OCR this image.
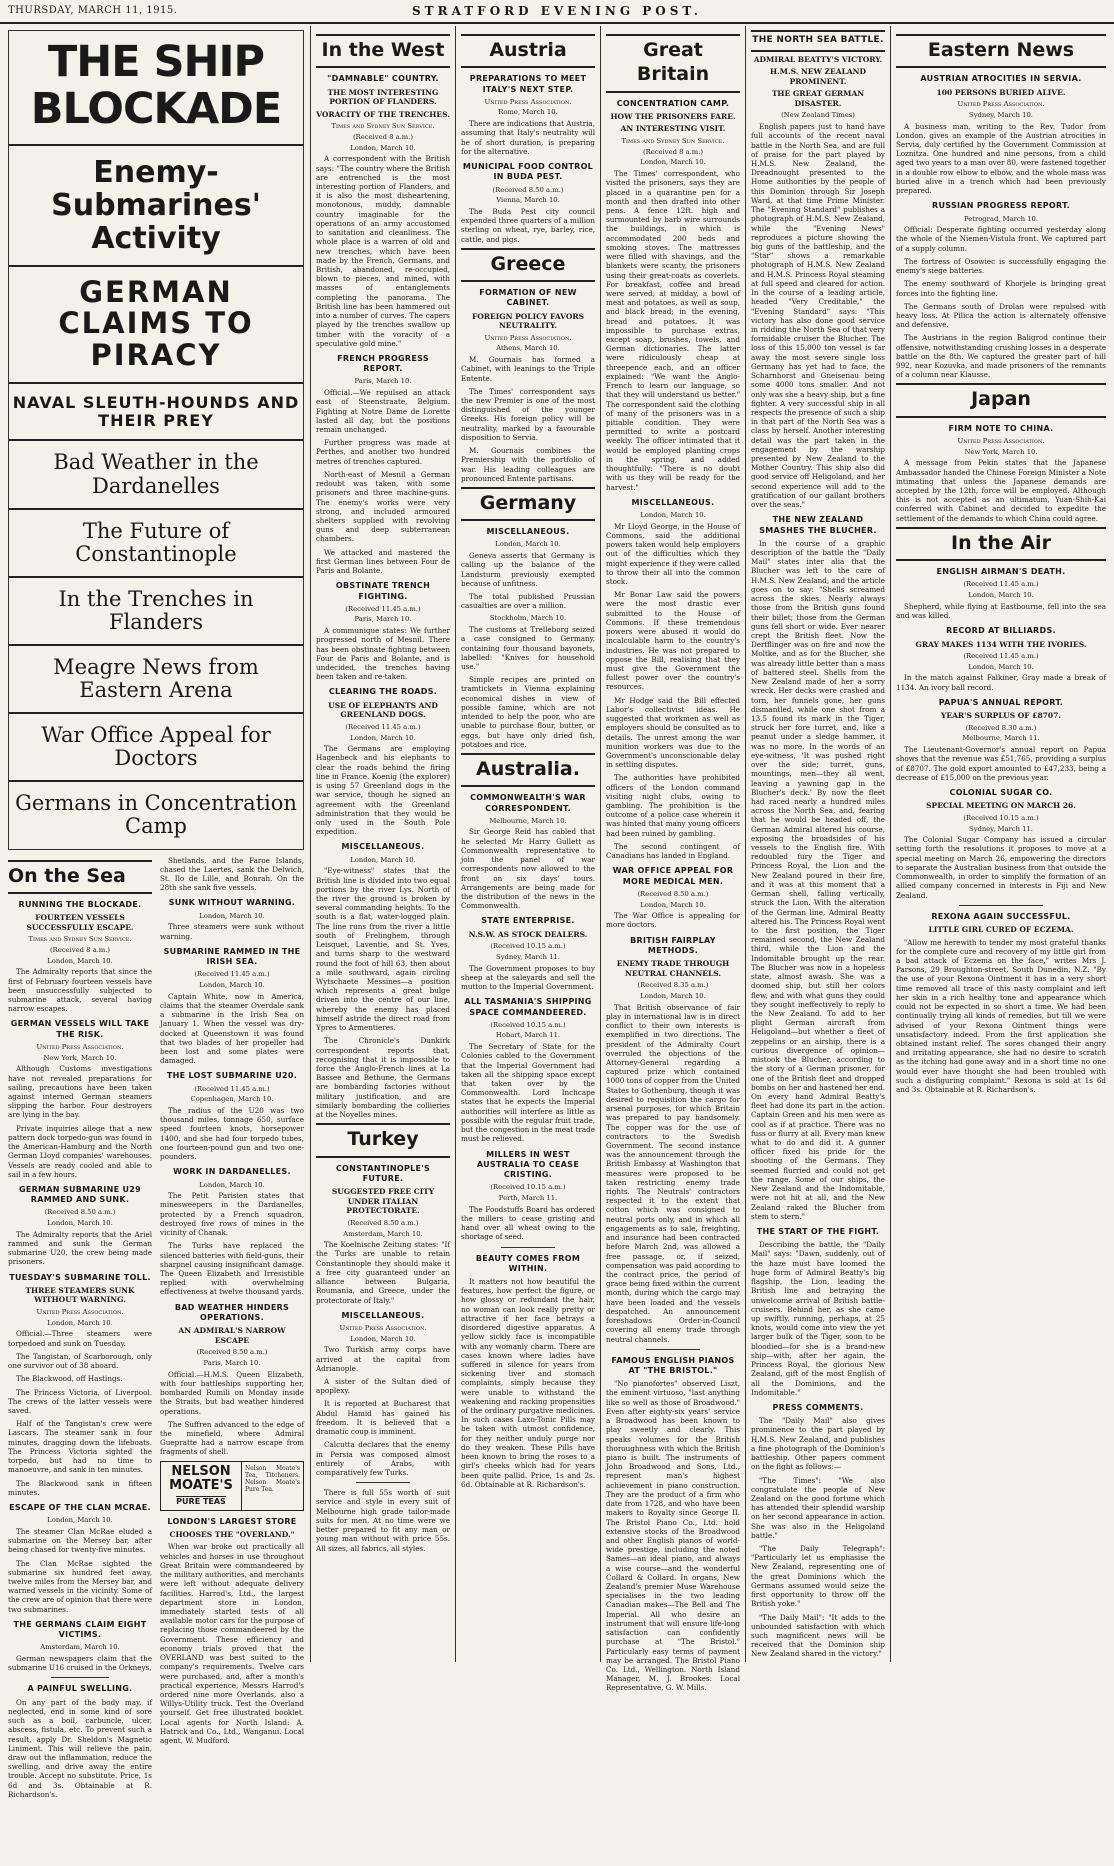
THURSDAY, MARCH 11, 1915.	STRATFORD EVENING POST.
THE SHIP BLOCKADE
Enemy-Submarines' Activity
GERMAN CLAIMS TO PIRACY
NAVAL SLEUTH-HOUNDS AND THEIR PREY
Bad Weather in the Dardanelles
The Future of Constantinople
In the Trenches in Flanders
Meagre News from Eastern Arena
War Office Appeal for Doctors
Germans in Concentration Camp
On the Sea
RUNNING THE BLOCKADE.
FOURTEEN VESSELS SUCCESSFULLY ESCAPE.
Times and Sydney Sun Service.
(Received 8 a.m.)
London, March 10.

The Admiralty reports that since the first of February fourteen vessels have been unsuccessfully subjected to submarine attack, several having narrow escapes.

GERMAN VESSELS WILL TAKE THE RISK.
United Press Association.
New York, March 10.

Although Customs investigations have not revealed preparations for sailing, precautions have been taken against interned German steamers slipping the harbor. Four destroyers are lying in the bay.

Private inquiries allege that a new pattern dock torpedo-gun was found in the American-Hamburg and the North German Lloyd companies' warehouses. Vessels are ready cooled and able to sail in a few hours.

GERMAN SUBMARINE U29 RAMMED AND SUNK.
(Received 8.50 a.m.)
London, March 10.

The Admiralty reports that the Ariel rammed and sunk the German submarine U20, the crew being made prisoners.

TUESDAY'S SUBMARINE TOLL.
THREE STEAMERS SUNK WITHOUT WARNING.
United Press Association.
London, March 10.

Official.—Three steamers were torpedoed and sunk on Tuesday.

The Tangistan, of Scarborough, only one survivor out of 38 aboard.

The Blackwood, off Hastings.

The Princess Victoria, of Liverpool. The crews of the latter vessels were saved.

Half of the Tangistan's crew were Lascars. The steamer sank in four minutes, dragging down the lifeboats. The Princess Victoria sighted the torpedo, but had no time to manoeuvre, and sank in ten minutes.

The Blackwood sank in fifteen minutes.

ESCAPE OF THE CLAN MCRAE.
London, March 10.

The steamer Clan McRae eluded a submarine on the Mersey bar, after being chased for twenty-five minutes.

The Clan McRae sighted the submarine six hundred feet away, twelve miles from the Mersey bar, and warned vessels in the vicinity. Some of the crew are of opinion that there were two submarines.

THE GERMANS CLAIM EIGHT VICTIMS.
Amsterdam, March 10.

German newspapers claim that the submarine U16 cruised in the Orkneys,

A PAINFUL SWELLING.

On any part of the body may, if neglected, end in some kind of sore such as a boil, carbuncle, ulcer, abscess, fistula, etc. To prevent such a result, apply Dr. Sheldon's Magnetic Liniment. This will relieve the pain, draw out the inflammation, reduce the swelling, and drive away the entire trouble. Accept no substitute. Price, 1s 6d and 3s. Obtainable at R. Richardson's.

Shetlands, and the Faroe Islands, chased the Laertes, sank the Delwich, St. Ilo de Lille, and Bonrah. On the 28th she sank five vessels.

SUNK WITHOUT WARNING.
London, March 10.

Three steamers were sunk without warning.

SUBMARINE RAMMED IN THE IRISH SEA.
(Received 11.45 a.m.)
London, March 10.

Captain White, now in America, claims that the steamer Overdale sank a submarine in the Irish Sea on January 1. When the vessel was dry-docked at Queenstown it was found that two blades of her propeller had been lost and some plates were damaged.

THE LOST SUBMARINE U20.
(Received 11.45 a.m.)
Copenhagen, March 10.

The radius of the U20 was two thousand miles, tonnage 650, surface speed fourteen knots, horsepower 1400, and she had four torpedo tubes, one fourteen-pound gun and two one-pounders.

WORK IN DARDANELLES.
London, March 10.

The Petit Parisien states that minesweepers in the Dardanelles, protected by a French squadron, destroyed five rows of mines in the vicinity of Chanak.

The Turks have replaced the silenced batteries with field-guns, their sharpnel causing insignificant damage. The Queen Elizabeth and Irresistible replied with overwhelming effectiveness at twelve thousand yards.

BAD WEATHER HINDERS OPERATIONS.
AN ADMIRAL'S NARROW ESCAPE
(Received 8.50 a.m.)
Paris, March 10.

Official.—H.M.S. Queen Elizabeth, with four battleships supporting her, bombarded Rumili on Monday inside the Straits, but bad weather hindered operations.

The Suffren advanced to the edge of the minefield, where Admiral Guepratte had a narrow escape from fragments of shell.

NELSON
MOATE'S
PURE TEAS
Nelson Moate's Tea, Titcheners. Nelson Moate's Pure Tea.
LONDON'S LARGEST STORE
CHOOSES THE "OVERLAND."

When war broke out practically all vehicles and horses in use throughout Great Britain were commandeered by the military authorities, and merchants were left without adequate delivery facilities. Harrod's, Ltd., the largest department store in London, immediately started tests of all available motor cars for the purpose of replacing those commandeered by the Government. These efficiency and economy trials proved that the OVERLAND was best suited to the company's requirements. Twelve cars were purchased, and, after a month's practical experience, Messrs Harrod's ordered nine more Overlands, also a Willys-Utility truck. Test the Overland yourself. Get free illustrated booklet. Local agents for North Island: A. Hatrick and Co., Ltd., Wanganui. Local agent, W. Mudford.

In the West
"DAMNABLE" COUNTRY.
THE MOST INTERESTING PORTION OF FLANDERS.
VORACITY OF THE TRENCHES.
Times and Sydney Sun Service.
(Received 8 a.m.)
London, March 10.

A correspondent with the British says: "The country where the British are entrenched is the most interesting portion of Flanders, and it is also the most disheartening, monotonous, muddy, damnable country imaginable for the operations of an army accustomed to sanitation and cleanliness. The whole place is a warren of old and new trenches, which have been made by the French, Germans, and British, abandoned, re-occupied, blown to pieces, and mined, with masses of entanglements completing the panorama. The British line has been hammered out into a number of curves. The capers played by the trenches swallow up timber with the voracity of a speculative gold mine."

FRENCH PROGRESS REPORT.
Paris, March 10.

Official.—We repulsed an attack east of Steenstraate, Belgium. Fighting at Notre Dame de Lorette lasted all day, but the positions remain unchanged.

Further progress was made at Perthes, and another two hundred metres of trenches captured.

North-east of Mesnil a German redoubt was taken, with some prisoners and three machine-guns. The enemy's works were very strong, and included armoured shelters supplied with revolving guns and deep subterranean chambers.

We attacked and mastered the first German lines between Four de Paris and Bolante.

OBSTINATE TRENCH FIGHTING.
(Received 11.45 a.m.)
Paris, March 10.

A communique states: We further progressed north of Mesnil. There has been obstinate fighting between Four de Paris and Bolante, and is undecided, the trenches having been taken and re-taken.

CLEARING THE ROADS.
USE OF ELEPHANTS AND GREENLAND DOGS.
(Received 11.45 a.m.)
London, March 10.

The Germans are employing Hagenbeck and his elephants to clear the roads behind the firing line in France. Koenig (the explorer) is using 57 Greenland dogs in the war service, though he signed an agreement with the Greenland administration that they would be only used in the South Pole expedition.

MISCELLANEOUS.
London, March 10.

"Eye-witness" states that the British line is divided into two equal portions by the river Lys. North of the river the ground is broken by several commanding heights. To the south is a flat, water-logged plain. The line runs from the river a little south of Frelinghem, through Leisquet, Laventie, and St. Yves, and turns sharp to the westward round the foot of hill 63, then about a mile southward, again circling Wytschaete Messines—a position which represents a great bulge driven into the centre of our line, whereby the enemy has placed himself astride the direct road from Ypres to Armentieres.

The Chronicle's Dunkirk correspondent reports that, recognising that it is impossible to force the Anglo-French lines at La Bassee and Bethune, the Germans are bombarding factories without military justification, and are similarly bombarding the collieries at the Noyelles mines.

Turkey
CONSTANTINOPLE'S FUTURE.
SUGGESTED FREE CITY UNDER ITALIAN PROTECTORATE.
(Received 8.50 a.m.)
Amsterdam, March 10.

The Koelnische Zeitung states: "If the Turks are unable to retain Constantinople they should make it a free city guaranteed under an alliance between Bulgaria, Roumania, and Greece, under the protectorate of Italy."

MISCELLANEOUS.
United Press Association.
London, March 10.

Two Turkish army corps have arrived at the capital from Adrianople.

A sister of the Sultan died of apoplexy.

It is reported at Bucharest that Abdul Hamid has gained his freedom. It is believed that a dramatic coup is imminent.

Calcutta declares that the enemy in Persia was composed almost entirely of Arabs, with comparatively few Turks.

There is full 55s worth of suit service and style in every suit of Melbourne high grade tailor-made suits for men. At no time were we better prepared to fit any man or young man without with price 55s. All sizes, all fabrics, all styles.

Austria
PREPARATIONS TO MEET ITALY'S NEXT STEP.
United Press Association.
Rome, March 10.

There are indications that Austria, assuming that Italy's neutrality will be of short duration, is preparing for the alternative.

MUNICIPAL FOOD CONTROL IN BUDA PEST.
(Received 8.50 a.m.)
Vienna, March 10.

The Buda Pest city council expended three quarters of a million sterling on wheat, rye, barley, rice, cattle, and pigs.

Greece
FORMATION OF NEW CABINET.
FOREIGN POLICY FAVORS NEUTRALITY.
United Press Association.
Athens, March 10.

M. Gournais has formed a Cabinet, with leanings to the Triple Entente.

The Times' correspondent says the new Premier is one of the most distinguished of the younger Greeks. His foreign policy will be neutrality, marked by a favourable disposition to Servia.

M. Gournais combines the Premiership with the portfolio of war. His leading colleagues are pronounced Entente partisans.

Germany
MISCELLANEOUS.
London, March 10.

Geneva asserts that Germany is calling up the balance of the Landsturm previously exempted because of unfitness.

The total published Prussian casualties are over a million.

Stockholm, March 10.

The customs at Trelleborg seized a case consigned to Germany, containing four thousand bayonets, labelled: "Knives for household use."

Simple recipes are printed on tramtickets in Vienna explaining economical dishes in view of possible famine, which are not intended to help the poor, who are unable to purchase flour, butter, or eggs, but have only dried fish, potatoes and rice.

Australia.
COMMONWEALTH'S WAR CORRESPONDENT.
Melbourne, March 10.

Sir George Reid has cabled that he selected Mr Harry Gullett as Commonwealth representative to join the panel of war correspondents now allowed to the front on six days' tours. Arrangements are being made for the distribution of the news in the Commonwealth.

STATE ENTERPRISE.
N.S.W. AS STOCK DEALERS.
(Received 10.15 a.m.)
Sydney, March 11.

The Government proposes to buy sheep at the saleyards and sell the mutton to the Imperial Government.

ALL TASMANIA'S SHIPPING SPACE COMMANDEERED.
(Received 10.15 a.m.)
Hobart, March 11.

The Secretary of State for the Colonies cabled to the Government that the Imperial Government had taken all the shipping space except that taken over by the Commonwealth. Lord Inchcape states that he expects the Imperial authorities will interfere as little as possible with the regular fruit trade, but the congestion in the meat trade must be relieved.

MILLERS IN WEST AUSTRALIA TO CEASE CRISTING.
(Received 10.15 a.m.)
Perth, March 11.

The Foodstuffs Board has ordered the millers to cease gristing and hand over all wheat owing to the shortage of seed.

BEAUTY COMES FROM WITHIN.

It matters not how beautiful the features, how perfect the figure, or how glossy or redundant the hair, no woman can look really pretty or attractive if her face betrays a disordered digestive apparatus. A yellow sickly face is incompatible with any womanly charm. There are cases known where ladies have suffered in silence for years from sickening liver and stomach complaints, simply because they were unable to withstand the weakening and racking propensities of the ordinary purgative medicines. In such cases Laxo-Tonic Pills may be taken with utmost confidence, for they neither unduly purge nor do they weaken. These Pills have been known to bring the roses to a girl's cheeks which had for years been quite pallid. Price, 1s and 2s. 6d. Obtainable at R. Richardson's.

Great Britain
CONCENTRATION CAMP.
HOW THE PRISONERS FARE.
AN INTERESTING VISIT.
Times and Sydney Sun Service.
(Received 8 a.m.)
London, March 10.

The Times' correspondent, who visited the prisoners, says they are placed in a quarantine pen for a month and then drafted into other pens. A fence 12ft. high and surmounted by barb wire surrounds the buildings, in which is accommodated 200 beds and smoking stoves. The mattresses were filled with shavings, and the blankets were scanty, the prisoners using their great-coats as coverlets. For breakfast, coffee and bread were served; at midday, a bowl of meat and potatoes, as well as soup, and black bread; in the evening, bread and potatoes. It was impossible to purchase extras, except soap, brushes, towels, and German dictionaries. The latter were ridiculously cheap at threepence each, and an officer explained: "We want the Anglo-French to learn our language, so that they will understand us better." The correspondent said the clothing of many of the prisoners was in a pitiable condition. They were permitted to write a postcard weekly. The officer intimated that it would be employed planting crops in the spring, and added thoughtfully: "There is no doubt with us they will be ready for the harvest."

MISCELLANEOUS.
London, March 10.

Mr Lloyd George, in the House of Commons, said the additional powers taken would help employers out of the difficulties which they might experience if they were called to throw their all into the common stock.

Mr Bonar Law said the powers were the most drastic ever submitted to the House of Commons. If these tremendous powers were abused it would do incalculable harm to the country's industries. He was not prepared to oppose the Bill, realising that they must give the Government the fullest power over the country's resources.

Mr Hodge said the Bill effected Labor's collectivist ideas. He suggested that workmen as well as employers should be consulted as to details. The unrest among the war munition workers was due to the Government's unconscionable delay in settling disputes.

The authorities have prohibited officers of the London command visiting night clubs, owing to gambling. The prohibition is the outcome of a police case wherein it was hinted that many young officers had been ruined by gambling.

The second contingent of Canadians has landed in England.

WAR OFFICE APPEAL FOR MORE MEDICAL MEN.
(Received 8.50 a.m.)
London, March 10.

The War Office is appealing for more doctors.

BRITISH FAIRPLAY METHODS.
ENEMY TRADE THROUGH NEUTRAL CHANNELS.
(Received 8.35 a.m.)
London, March 10.

That British observance of fair play in international law is in direct conflict to their own interests is exemplified in two directions. The president of the Admiralty Court overruled the objections of the Attorney-General regarding a captured prize which contained 1000 tons of copper from the United States to Gothenburg, though it was desired to requisition the cargo for arsenal purposes, for which Britain was prepared to pay handsomely. The copper was for the use of contractors to the Swedish Government. The second instance was the announcement through the British Embassy at Washington that measures were proposed to be taken restricting enemy trade rights. The Neutrals' contractors respected it to the extent that cotton which was consigned to neutral ports only, and in which all engagements as to sale, freighting, and insurance had been contracted before March 2nd, was allowed a free passage, or, if seized, compensation was paid according to the contract price, the period of grace being fixed within the current month, during which the cargo may have been loaded and the vessels despatched. An announcement foreshadows Order-in-Council covering all enemy trade through neutral channels.

FAMOUS ENGLISH PIANOS AT "THE BRISTOL."

"No pianofortes" observed Liszt, the eminent virtuoso, "last anything like so well as those of Broadwood." Even after eighty-six years' service a Broadwood has been known to play sweetly and clearly. This speaks volumes for the British thoroughness with which the British piano is built. The instruments of John Broadwood and Sons, Ltd., represent man's highest achievement in piano construction. They are the product of a firm who date from 1728, and who have been makers to Royalty since George II. The Bristol Piano Co., Ltd. hold extensive stocks of the Broadwood and other English pianos of world-wide prestige, including the noted Sames—an ideal piano, and always a wise course—and the wonderful Collard & Collard. In organs, New Zealand's premier Muse Warehouse specialises in the two leading Canadian makes—The Bell and The Imperial. All who desire an instrument that will ensure life-long satisfaction can confidently purchase at "The Bristol." Particularly easy terms of payment may be arranged. The Bristol Piano Co. Ltd., Wellington. North Island Manager, M. J. Brookes. Local Representative, G. W. Mills.

THE NORTH SEA BATTLE.
ADMIRAL BEATTY'S VICTORY.
H.M.S. NEW ZEALAND PROMINENT.
THE GREAT GERMAN DISASTER.
(New Zealand Times)

English papers just to hand have full accounts of the recent naval battle in the North Sea, and are full of praise for the part played by H.M.S. New Zealand, the Dreadnought presented to the Home authorities by the people of this Dominion through Sir Joseph Ward, at that time Prime Minister. The "Evening Standard" publishes a photograph of H.M.S. New Zealand, while the "Evening News" reproduces a picture showing the big guns of the battleship, and the "Star" shows a remarkable photograph of H.M.S. New Zealand and H.M.S. Princess Royal steaming at full speed and cleared for action. In the course of a leading article, headed "Very Creditable," the "Evening Standard" says: "This victory has also done good service in ridding the North Sea of that very formidable cruiser the Blucher. The loss of this 15,000 ton vessel is far away the most severe single loss Germany has yet had to face, the Scharnhorst and Gneisenau being some 4000 tons smaller. And not only was she a heavy ship, but a fine fighter. A very successful ship in all respects the presence of such a ship in that part of the North Sea was a class by herself. Another interesting detail was the part taken in the engagement by the warship presented by New Zealand to the Mother Country. This ship also did good service off Heligoland, and her second experience will add to the gratification of our gallant brothers over the seas."

THE NEW ZEALAND SMASHES THE BLUCHER.

In the course of a graphic description of the battle the "Daily Mail" states inter alia that the Blucher was left to the care of H.M.S. New Zealand, and the article goes on to say: "Shells screamed across the skies. Nearly always those from the British guns found their billet; those from the German guns fell short or wide. Ever nearer crept the British fleet. Now the Derfflinger was on fire and now the Moltke, and as for the Blucher, she was already little better than a mass of battered steel. Shells from the New Zealand made of her a sorry wreck. Her decks were crashed and torn, her funnels gone, her guns dismantled, while one shot from a 13.5 found its mark in the Tiger, struck her fore turret, and, like a peanut under a sledge hammer, it was no more. In the words of an eye-witness, 'It was pushed right over the side; turret, guns, mountings, men—they all went, leaving a yawning gap in the Blucher's deck.' By now the fleet had raced nearly a hundred miles across the North Sea, and, fearing that he would be headed off, the German Admiral altered his course, exposing the broadsides of his vessels to the English fire. With redoubled fury the Tiger and Princess Royal, the Lion and the New Zealand poured in their fire, and it was at this moment that a German shell, falling vertically, struck the Lion. With the alteration of the German line, Admiral Beatty altered his. The Princess Royal went to the first position, the Tiger remained second, the New Zealand third, while the Lion and the Indomitable brought up the rear. The Blucher was now in a hopeless state, almost awash. She was a doomed ship, but still her colors flew, and with what guns they could they sought ineffectively to reply to the New Zealand. To add to her plight German aircraft from Heligoland—but whether a fleet of zeppelins or an airship, there is a curious divergence of opinion—mistook the Blucher, according to the story of a German prisoner, for one of the British fleet and dropped bombs on her and hastened her end. On every hand Admiral Beatty's fleet had done its part in the action. Captain Green and his men were as cool as if at practice. There was no fuss or flurry at all. Every man knew what to do and did it. A gunner officer fixed his pride for the shooting of the Germans. They seemed flurried and could not get the range. Some of our ships, the New Zealand and the Indomitable, were not hit at all, and the New Zealand raked the Blucher from stem to stern."

THE START OF THE FIGHT.

Describing the battle, the "Daily Mail" says: "Dawn, suddenly, out of the haze must have loomed the huge form of Admiral Beatty's big flagship, the Lion, leading the British line and betraying the unwelcome arrival of British battle-cruisers. Behind her, as she came up swiftly, running, perhaps, at 25 knots, would come into view the yet larger bulk of the Tiger, soon to be bloodied—for she is a brand-new ship—with, after her again, the Princess Royal, the glorious New Zealand, gift of the most English of all the Dominions, and the Indomitable."

PRESS COMMENTS.

The "Daily Mail" also gives prominence to the part played by H.M.S. New Zealand, and publishes a fine photograph of the Dominion's battleship. Other papers comment on the fight as follows:—

"The Times": "We also congratulate the people of New Zealand on the good fortune which has attended their splendid warship on her second appearance in action. She was also in the Heligoland battle."

"The Daily Telegraph": "Particularly let us emphasise the New Zealand, representing one of the great Dominions which the Germans assumed would seize the first opportunity to throw off the British yoke."

"The Daily Mail": "It adds to the unbounded satisfaction with which such magnificent news will be received that the Dominion ship New Zealand shared in the victory."

Eastern News
AUSTRIAN ATROCITIES IN SERVIA.
100 PERSONS BURIED ALIVE.
United Press Association.
Sydney, March 10.

A business man, writing to the Rev. Tudor from London, gives an example of the Austrian atrocities in Servia, duly certified by the Government Commission at Loznitza. One hundred and nine persons, from a child aged two years to a man over 80, were fastened together in a double row elbow to elbow, and the whole mass was buried alive in a trench which had been previously prepared.

RUSSIAN PROGRESS REPORT.
Petrograd, March 10.

Official: Desperate fighting occurred yesterday along the whole of the Niemen-Vistula front. We captured part of a supply column.

The fortress of Osowiec is successfully engaging the enemy's siege batteries.

The enemy southward of Khorjele is bringing great forces into the fighting line.

The Germans south of Drolan were repulsed with heavy loss. At Pilica the action is alternately offensive and defensive.

The Austrians in the region Baligrod continue their offensive, notwithstanding crushing losses in a desperate battle on the 8th. We captured the greater part of hill 992, near Kozuvka, and made prisoners of the remnants of a column near Klausse.

Japan
FIRM NOTE TO CHINA.
United Press Association.
New York, March 10.

A message from Pekin states that the Japanese Ambassador handed the Chinese Foreign Minister a Note intimating that unless the Japanese demands are accepted by the 12th, force will be employed. Although this is not accepted as an ultimatum, Yuan-Shih-Kai conferred with Cabinet and decided to expedite the settlement of the demands to which China could agree.

In the Air
ENGLISH AIRMAN'S DEATH.
(Received 11.45 a.m.)
London, March 10.

Shepherd, while flying at Eastbourne, fell into the sea and was killed.

RECORD AT BILLIARDS.
GRAY MAKES 1134 WITH THE IVORIES.
(Received 11.45 a.m.)
London, March 10.

In the match against Falkiner, Gray made a break of 1134. An ivory ball record.

PAPUA'S ANNUAL REPORT.
YEAR'S SURPLUS OF £8707.
(Received 8.30 a.m.)
Melbourne, March 11.

The Lieutenant-Governor's annual report on Papua shows that the revenue was £51,765, providing a surplus of £8707. The gold export amounted to £47,233, being a decrease of £15,000 on the previous year.

COLONIAL SUGAR CO.
SPECIAL MEETING ON MARCH 26.
(Received 10.15 a.m.)
Sydney, March 11.

The Colonial Sugar Company has issued a circular setting forth the resolutions it proposes to move at a special meeting on March 26, empowering the directors to separate the Australian business from that outside the Commonwealth, in order to simplify the formation of an allied company concerned in interests in Fiji and New Zealand.

REXONA AGAIN SUCCESSFUL.
LITTLE GIRL CURED OF ECZEMA.

"Allow me herewith to tender my most grateful thanks for the complete cure and recovery of my little girl from a bad attack of Eczema on the face," writes Mrs J. Parsons, 29 Broughton-street, South Dunedin, N.Z. "By the use of your Rexona Ointment it has in a very short time removed all trace of this nasty complaint and left her skin in a rich healthy tone and appearance which could not be expected in so short a time. We had been continually trying all kinds of remedies, but till we were advised of your Rexona Ointment things were unsatisfactory indeed. From the first application she obtained instant relief. The sores changed their angry and irritating appearance, she had no desire to scratch as the itching had gone away and in a short time no one would ever have thought she had been troubled with such a disfiguring complaint." Rexona is sold at 1s 6d and 3s. Obtainable at R. Richardson's.
